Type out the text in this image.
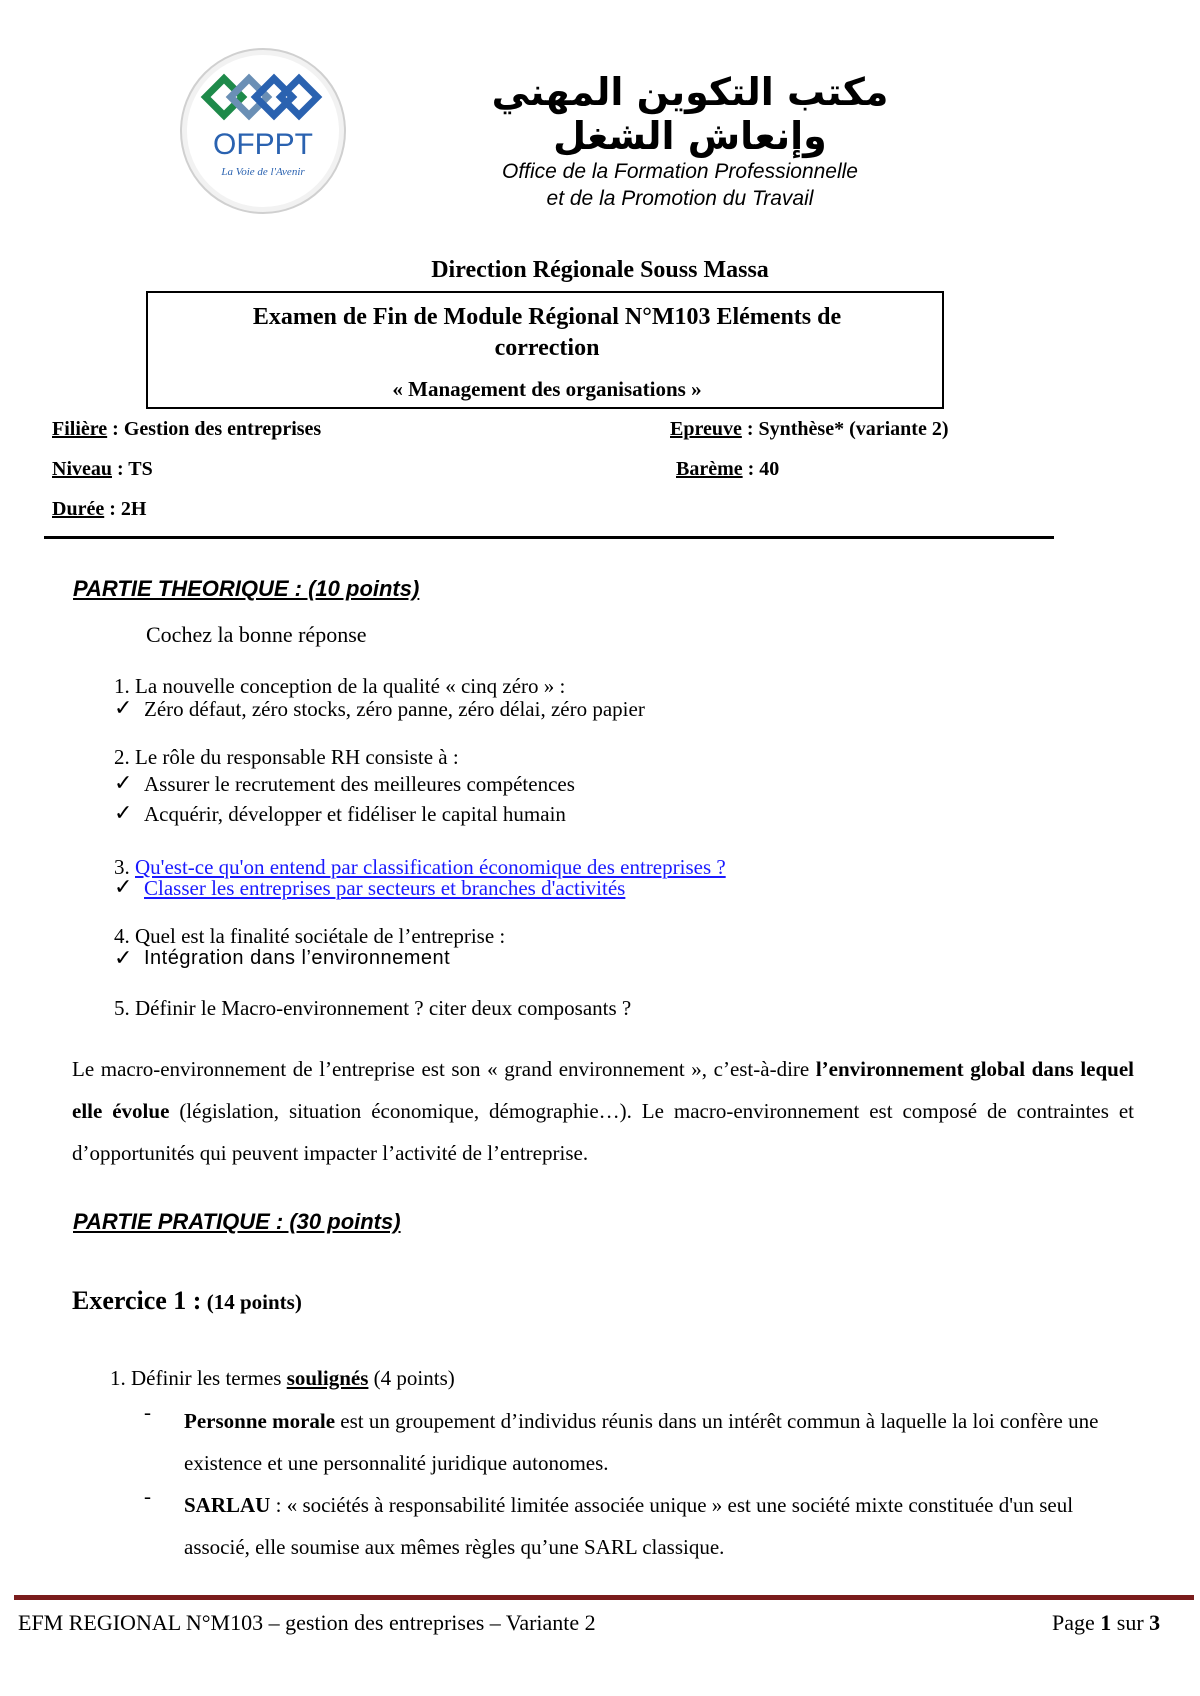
OFPPT
La Voie de l'Avenir
مكتب التكوين المهني وإنعاش الشغل
Office de la Formation Professionnelle
et de la Promotion du Travail
Direction Régionale Souss Massa
Examen de Fin de Module Régional N°M103 Eléments de
correction
« Management des organisations »
Filière : Gestion des entreprises	Epreuve : Synthèse* (variante 2)
Niveau : TS	Barème : 40
Durée : 2H
PARTIE THEORIQUE : (10 points)
Cochez la bonne réponse
1. La nouvelle conception de la qualité « cinq zéro » :
✓ Zéro défaut, zéro stocks, zéro panne, zéro délai, zéro papier
2. Le rôle du responsable RH consiste à :
✓ Assurer le recrutement des meilleures compétences
✓ Acquérir, développer et fidéliser le capital humain
3. Qu'est-ce qu'on entend par classification économique des entreprises ?
✓ Classer les entreprises par secteurs et branches d'activités
4. Quel est la finalité sociétale de l’entreprise :
✓ Intégration dans l’environnement
5. Définir le Macro-environnement ? citer deux composants ?
Le macro-environnement de l’entreprise est son « grand environnement », c’est-à-dire l’environnement global dans lequel elle évolue (législation, situation économique, démographie…). Le macro-environnement est composé de contraintes et d’opportunités qui peuvent impacter l’activité de l’entreprise.
PARTIE PRATIQUE : (30 points)
Exercice 1 : (14 points)
1. Définir les termes soulignés (4 points)
- Personne morale est un groupement d’individus réunis dans un intérêt commun à laquelle la loi confère une existence et une personnalité juridique autonomes.
- SARLAU : « sociétés à responsabilité limitée associée unique » est une société mixte constituée d'un seul associé, elle soumise aux mêmes règles qu’une SARL classique.
EFM REGIONAL N°M103 – gestion des entreprises – Variante 2	Page 1 sur 3
